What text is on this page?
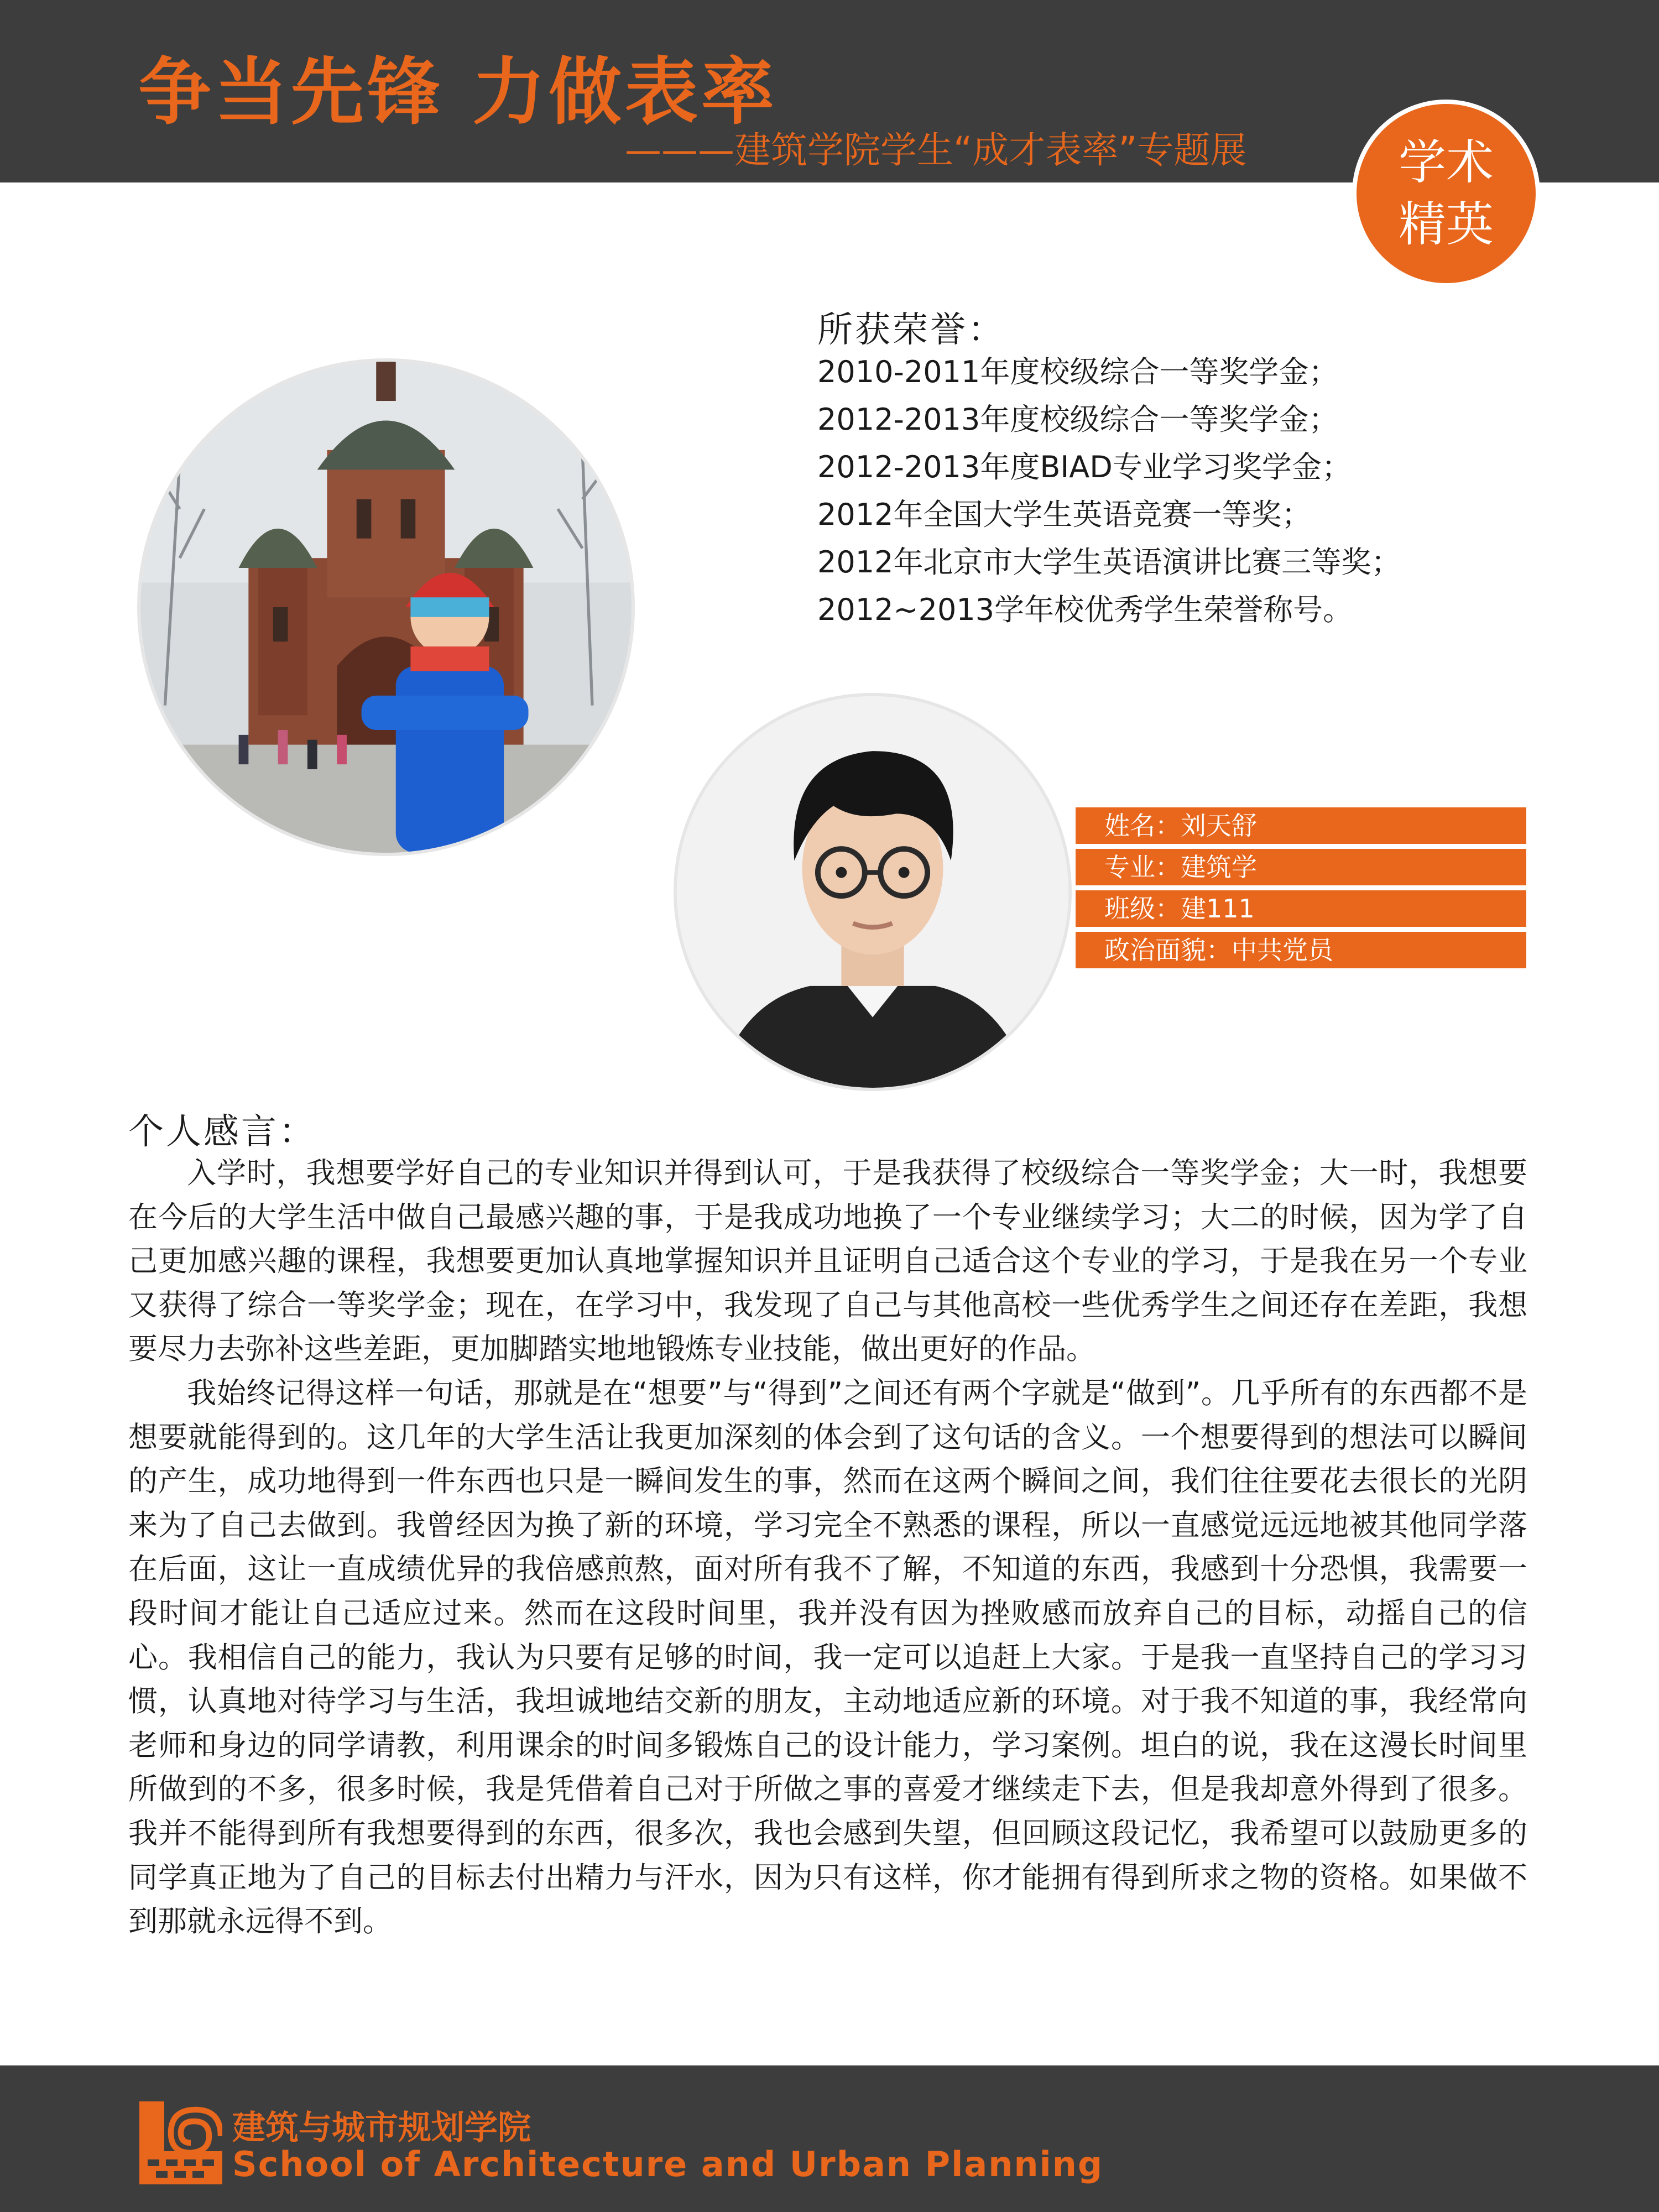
争当先锋 力做表率
———建筑学院学生“成才表率”专题展	学术
精英
所获荣誉：
2010-2011年度校级综合一等奖学金；
2012-2013年度校级综合一等奖学金；
2012-2013年度BIAD专业学习奖学金；
2012年全国大学生英语竞赛一等奖；
2012年北京市大学生英语演讲比赛三等奖；
2012~2013学年校优秀学生荣誉称号。
姓名：刘天舒
专业：建筑学
班级：建111
政治面貌：中共党员
个人感言：

入学时，我想要学好自己的专业知识并得到认可，于是我获得了校级综合一等奖学金；大一时，我想要在今后的大学生活中做自己最感兴趣的事，于是我成功地换了一个专业继续学习；大二的时候，因为学了自己更加感兴趣的课程，我想要更加认真地掌握知识并且证明自己适合这个专业的学习，于是我在另一个专业又获得了综合一等奖学金；现在，在学习中，我发现了自己与其他高校一些优秀学生之间还存在差距，我想要尽力去弥补这些差距，更加脚踏实地地锻炼专业技能，做出更好的作品。

我始终记得这样一句话，那就是在“想要”与“得到”之间还有两个字就是“做到”。几乎所有的东西都不是想要就能得到的。这几年的大学生活让我更加深刻的体会到了这句话的含义。一个想要得到的想法可以瞬间的产生，成功地得到一件东西也只是一瞬间发生的事，然而在这两个瞬间之间，我们往往要花去很长的光阴来为了自己去做到。我曾经因为换了新的环境，学习完全不熟悉的课程，所以一直感觉远远地被其他同学落在后面，这让一直成绩优异的我倍感煎熬，面对所有我不了解，不知道的东西，我感到十分恐惧，我需要一段时间才能让自己适应过来。然而在这段时间里，我并没有因为挫败感而放弃自己的目标，动摇自己的信心。我相信自己的能力，我认为只要有足够的时间，我一定可以追赶上大家。于是我一直坚持自己的学习习惯，认真地对待学习与生活，我坦诚地结交新的朋友，主动地适应新的环境。对于我不知道的事，我经常向老师和身边的同学请教，利用课余的时间多锻炼自己的设计能力，学习案例。坦白的说，我在这漫长时间里所做到的不多，很多时候，我是凭借着自己对于所做之事的喜爱才继续走下去，但是我却意外得到了很多。我并不能得到所有我想要得到的东西，很多次，我也会感到失望，但回顾这段记忆，我希望可以鼓励更多的同学真正地为了自己的目标去付出精力与汗水，因为只有这样，你才能拥有得到所求之物的资格。如果做不到那就永远得不到。

建筑与城市规划学院
School of Architecture and Urban Planning
